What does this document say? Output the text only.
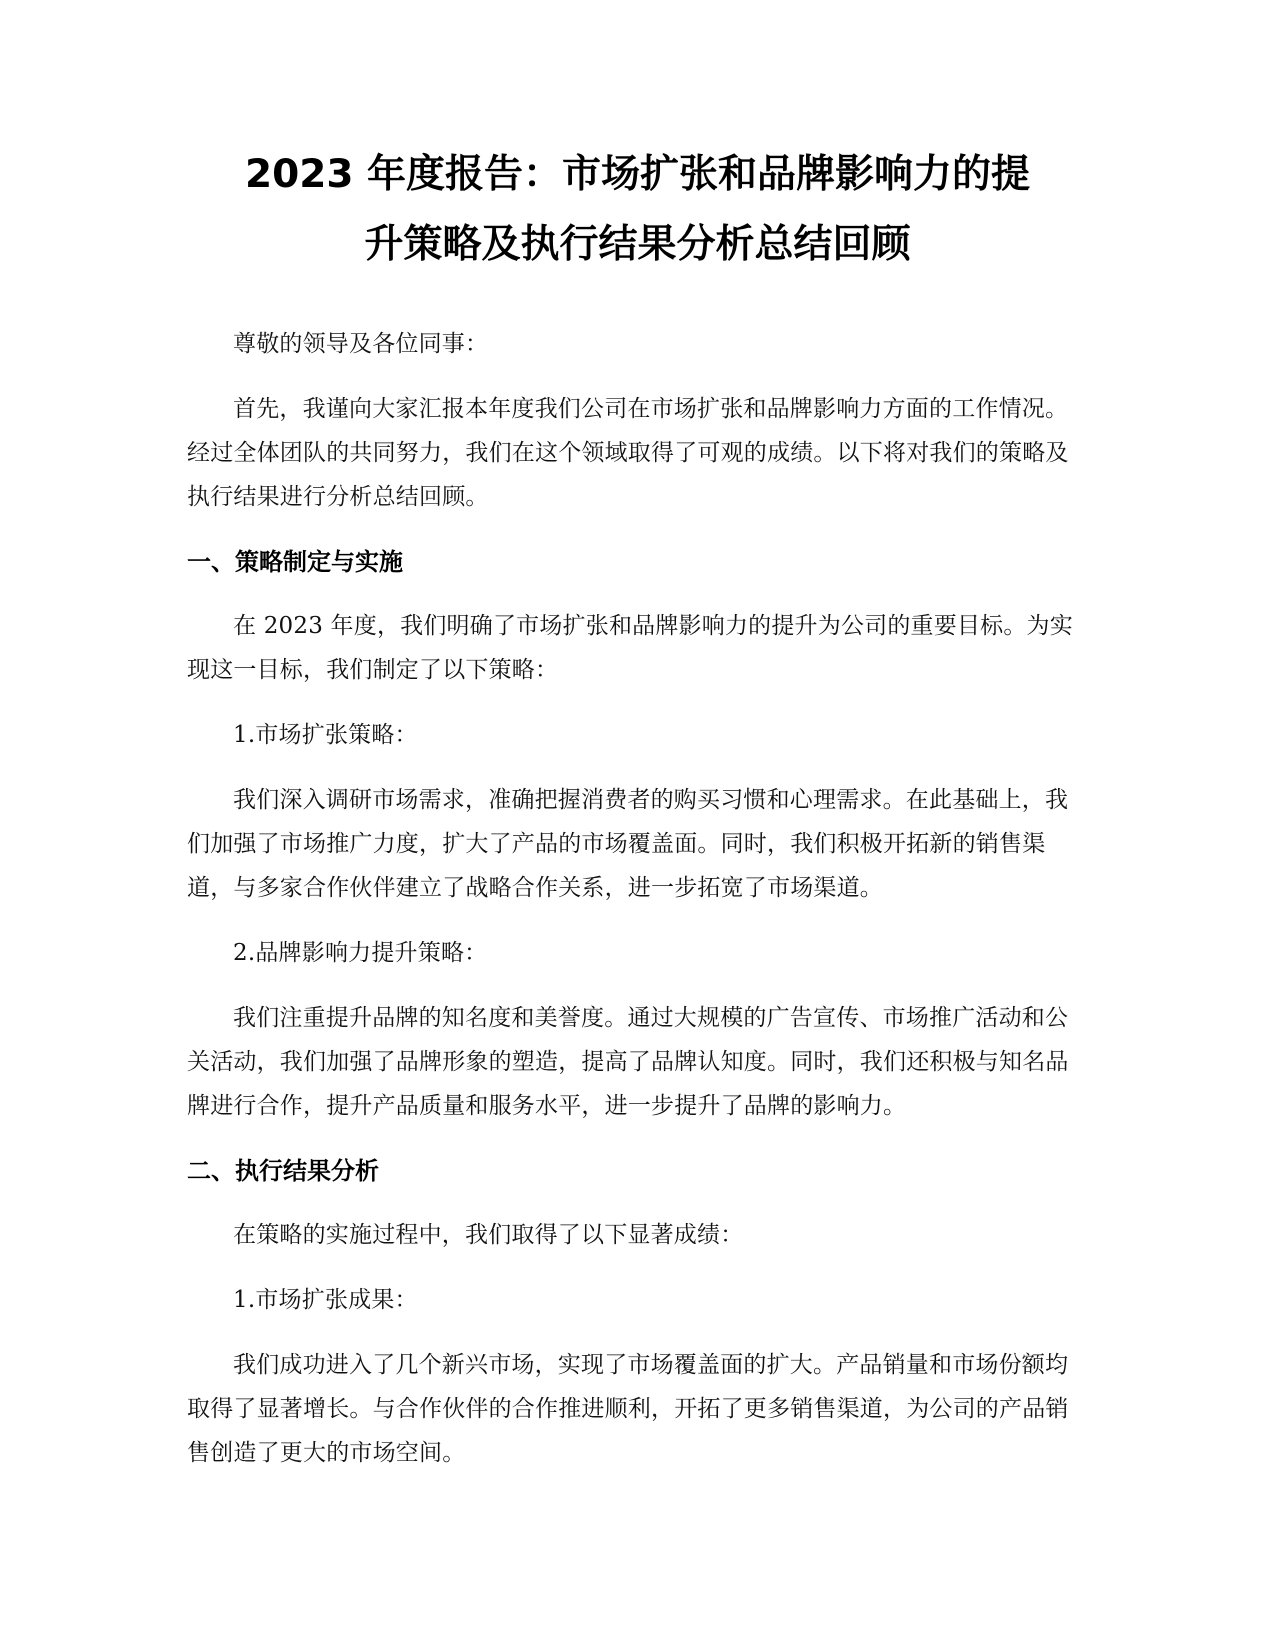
2023 年度报告：市场扩张和品牌影响力的提
升策略及执行结果分析总结回顾

尊敬的领导及各位同事：

首先，我谨向大家汇报本年度我们公司在市场扩张和品牌影响力方面的工作情况。经过全体团队的共同努力，我们在这个领域取得了可观的成绩。以下将对我们的策略及执行结果进行分析总结回顾。

一、策略制定与实施

在 2023 年度，我们明确了市场扩张和品牌影响力的提升为公司的重要目标。为实现这一目标，我们制定了以下策略：

1.市场扩张策略：

我们深入调研市场需求，准确把握消费者的购买习惯和心理需求。在此基础上，我们加强了市场推广力度，扩大了产品的市场覆盖面。同时，我们积极开拓新的销售渠道，与多家合作伙伴建立了战略合作关系，进一步拓宽了市场渠道。

2.品牌影响力提升策略：

我们注重提升品牌的知名度和美誉度。通过大规模的广告宣传、市场推广活动和公关活动，我们加强了品牌形象的塑造，提高了品牌认知度。同时，我们还积极与知名品牌进行合作，提升产品质量和服务水平，进一步提升了品牌的影响力。

二、执行结果分析

在策略的实施过程中，我们取得了以下显著成绩：

1.市场扩张成果：

我们成功进入了几个新兴市场，实现了市场覆盖面的扩大。产品销量和市场份额均取得了显著增长。与合作伙伴的合作推进顺利，开拓了更多销售渠道，为公司的产品销售创造了更大的市场空间。
